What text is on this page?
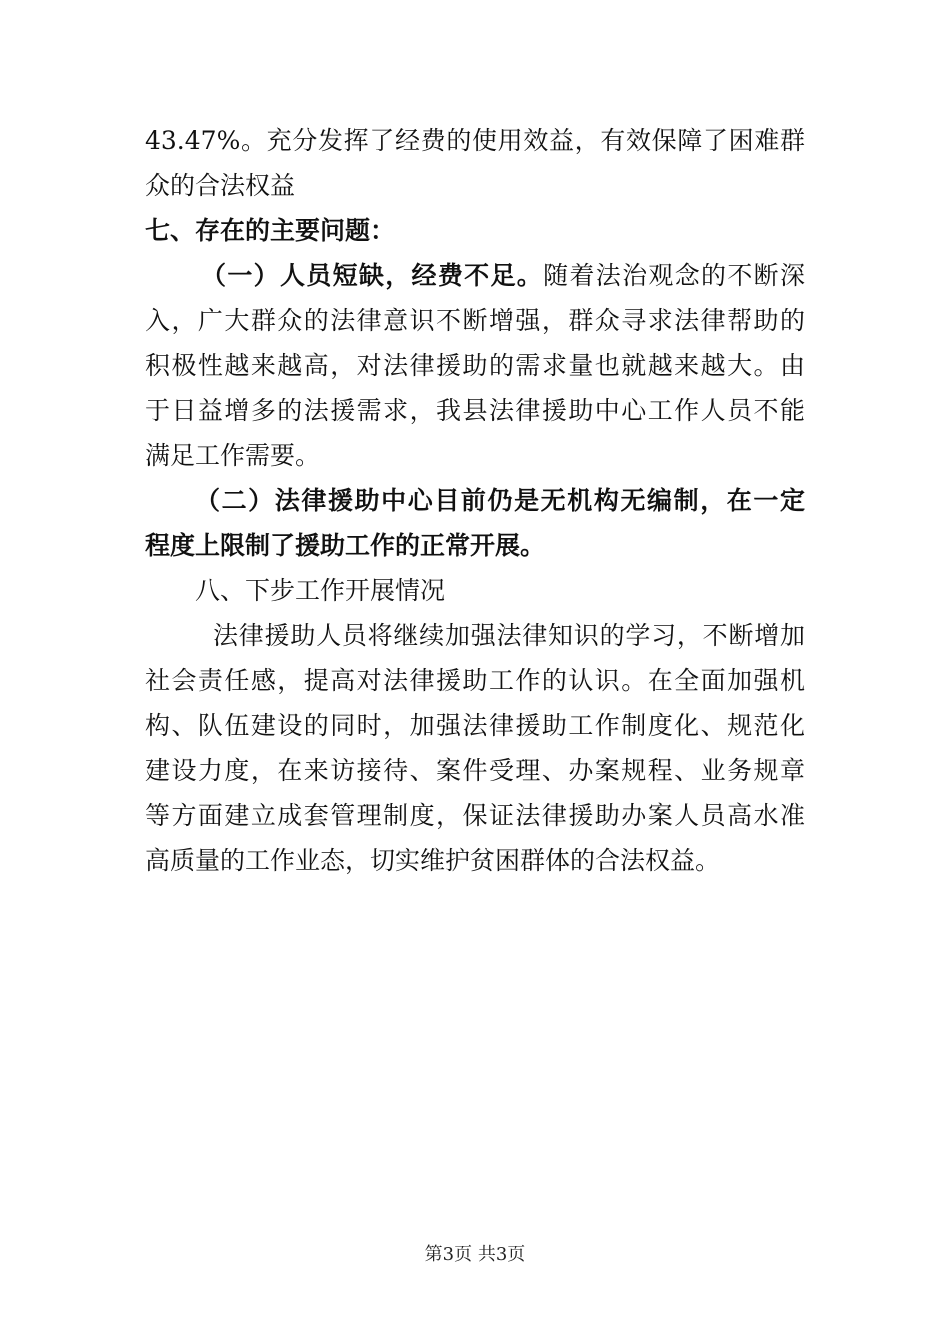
43.47%。充分发挥了经费的使用效益，有效保障了困难群
众的合法权益
七、存在的主要问题：
（一）人员短缺，经费不足。随着法治观念的不断深
入，广大群众的法律意识不断增强，群众寻求法律帮助的
积极性越来越高，对法律援助的需求量也就越来越大。由
于日益增多的法援需求，我县法律援助中心工作人员不能
满足工作需要。
（二）法律援助中心目前仍是无机构无编制，在一定
程度上限制了援助工作的正常开展。
八、下步工作开展情况
法律援助人员将继续加强法律知识的学习，不断增加
社会责任感，提高对法律援助工作的认识。在全面加强机
构、队伍建设的同时，加强法律援助工作制度化、规范化
建设力度，在来访接待、案件受理、办案规程、业务规章
等方面建立成套管理制度，保证法律援助办案人员高水准
高质量的工作业态，切实维护贫困群体的合法权益。
第3页 共3页
